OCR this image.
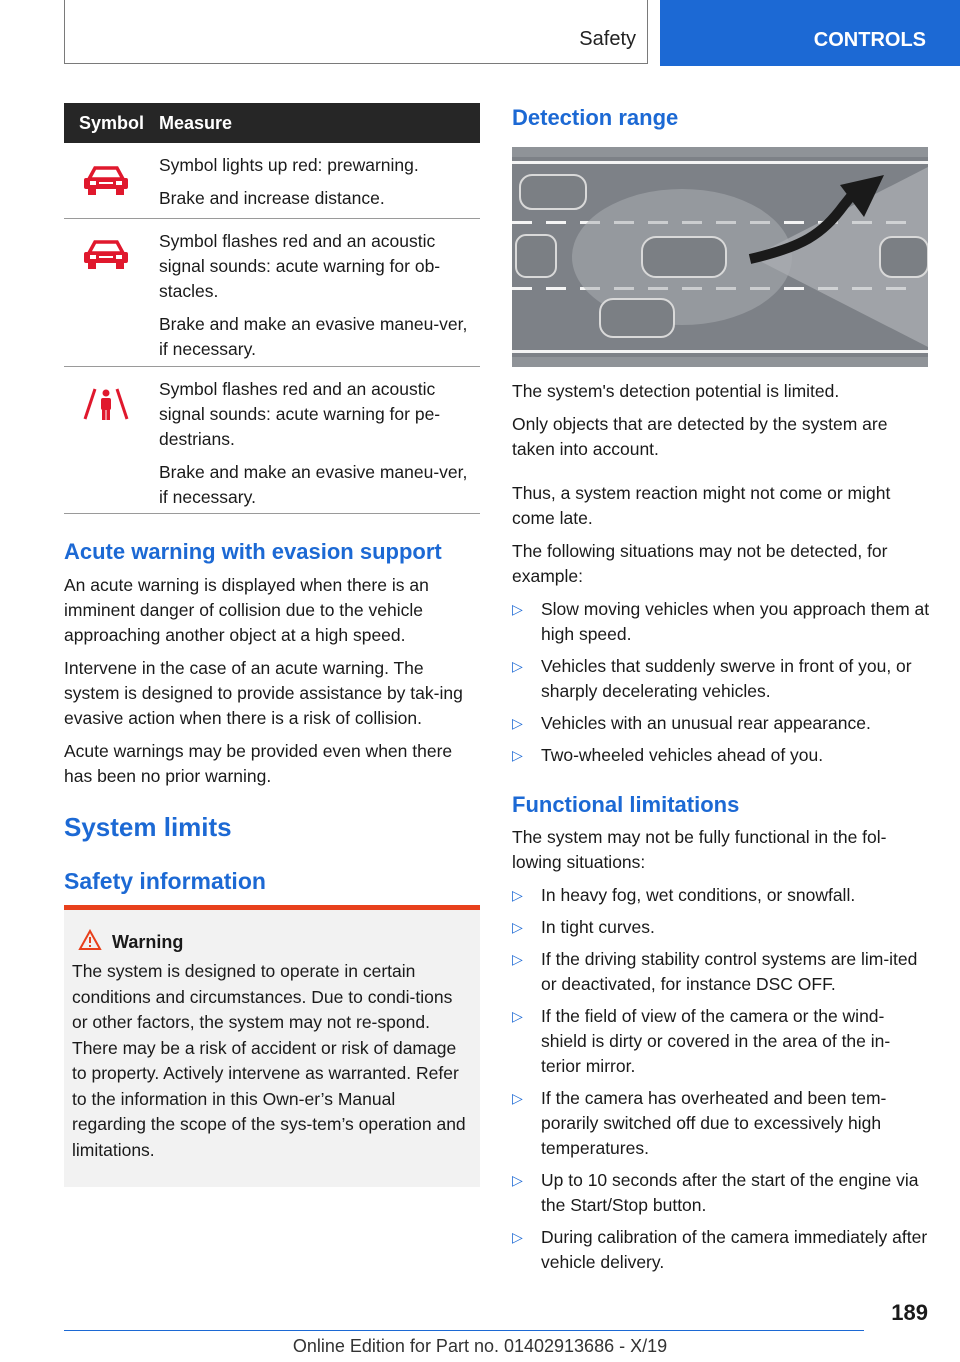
Safety	CONTROLS
Symbol Measure

Symbol lights up red: prewarning.

Brake and increase distance.

Symbol flashes red and an acoustic signal sounds: acute warning for ob-stacles.

Brake and make an evasive maneu-ver, if necessary.

Symbol flashes red and an acoustic signal sounds: acute warning for pe-destrians.

Brake and make an evasive maneu-ver, if necessary.

Acute warning with evasion support

An acute warning is displayed when there is an imminent danger of collision due to the vehicle approaching another object at a high speed.

Intervene in the case of an acute warning. The system is designed to provide assistance by tak-ing evasive action when there is a risk of collision.

Acute warnings may be provided even when there has been no prior warning.

System limits
Safety information
Warning
The system is designed to operate in certain conditions and circumstances. Due to condi-tions or other factors, the system may not re-spond. There may be a risk of accident or risk of damage to property. Actively intervene as warranted. Refer to the information in this Own-er’s Manual regarding the scope of the sys-tem’s operation and limitations.
Detection range

The system's detection potential is limited.

Only objects that are detected by the system are taken into account.

Thus, a system reaction might not come or might come late.

The following situations may not be detected, for example:

▷ Slow moving vehicles when you approach them at high speed.
▷ Vehicles that suddenly swerve in front of you, or sharply decelerating vehicles.
▷ Vehicles with an unusual rear appearance.
▷ Two-wheeled vehicles ahead of you.
Functional limitations

The system may not be fully functional in the fol-lowing situations:

▷ In heavy fog, wet conditions, or snowfall.
▷ In tight curves.
▷ If the driving stability control systems are lim-ited or deactivated, for instance DSC OFF.
▷ If the field of view of the camera or the wind-shield is dirty or covered in the area of the in-terior mirror.
▷ If the camera has overheated and been tem-porarily switched off due to excessively high temperatures.
▷ Up to 10 seconds after the start of the engine via the Start/Stop button.
▷ During calibration of the camera immediately after vehicle delivery.
189
Online Edition for Part no. 01402913686 - X/19
